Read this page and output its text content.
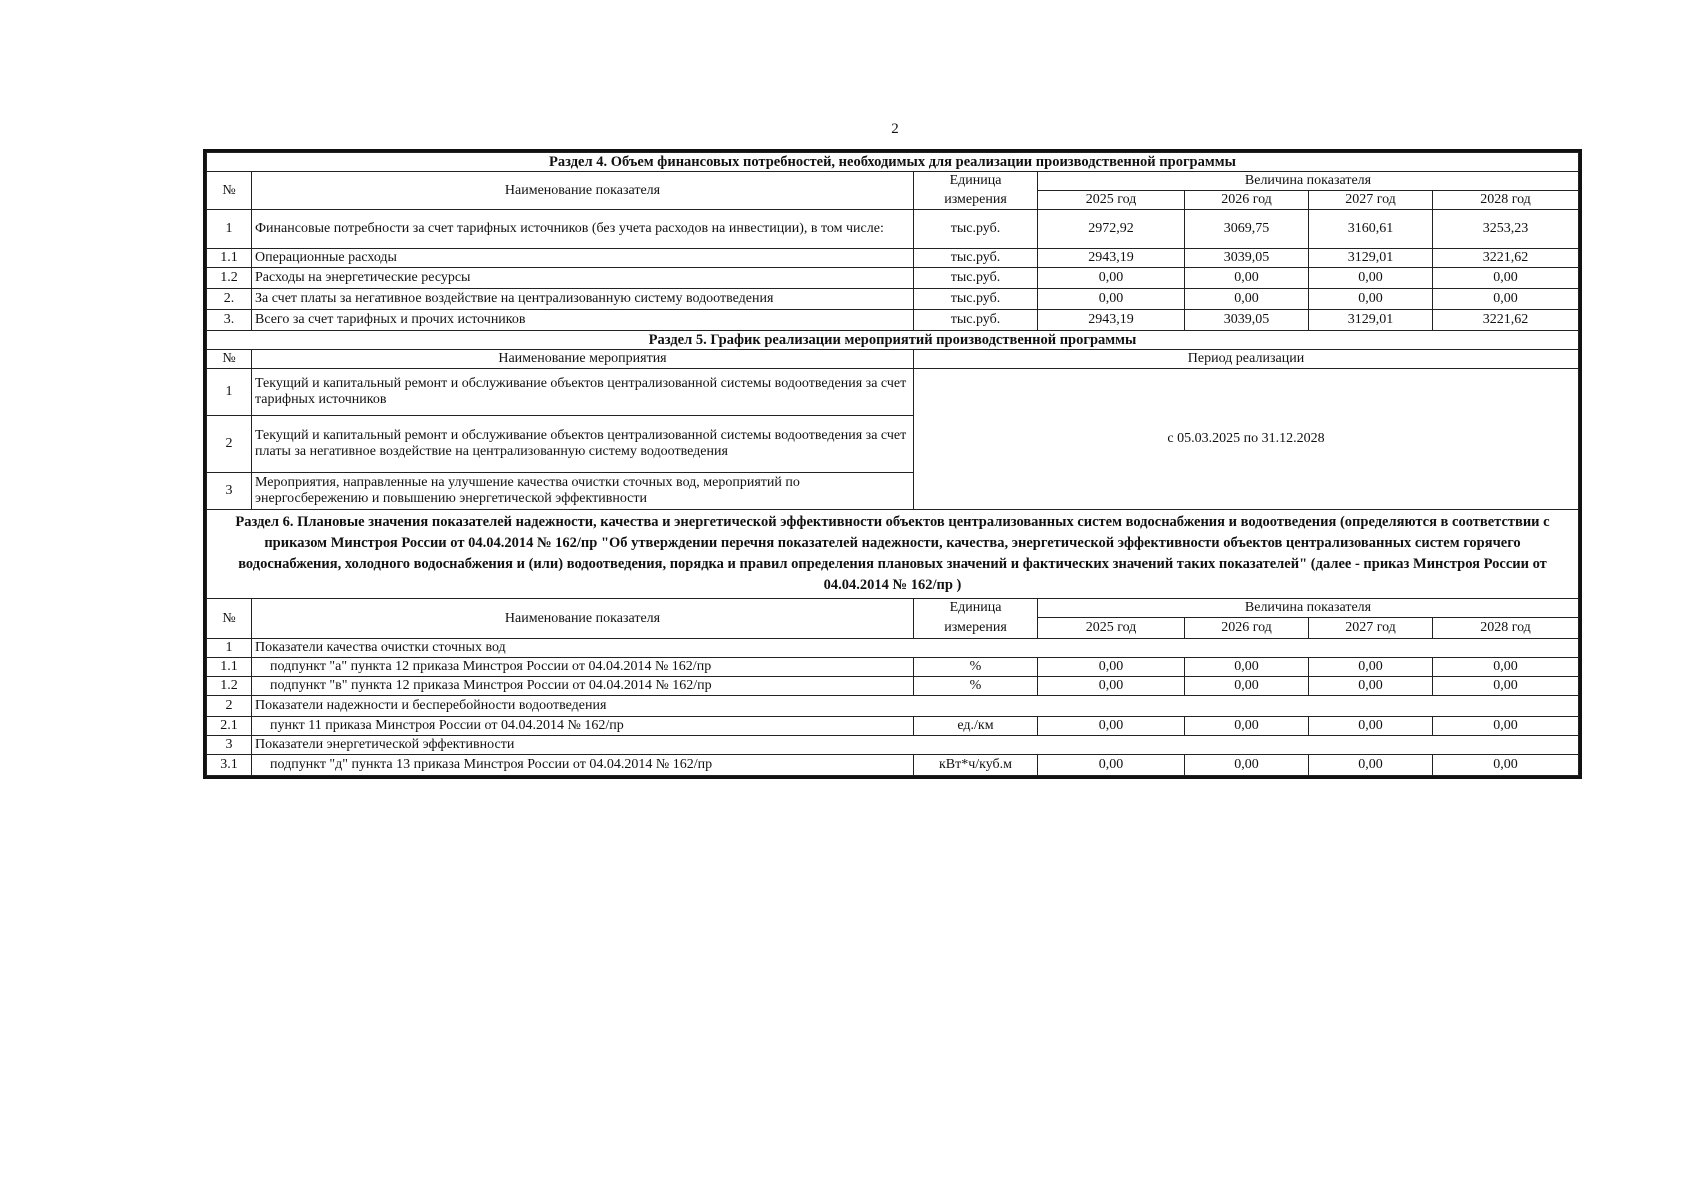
2
Раздел 4. Объем финансовых потребностей, необходимых для реализации производственной программы						
№	Наименование показателя	Единица	Величина показателя			
		измерения	2025 год	2026 год	2027 год	2028 год
1	Финансовые потребности за счет тарифных источников (без учета расходов на инвестиции), в том числе:	тыс.руб.	2972,92	3069,75	3160,61	3253,23
1.1	Операционные расходы	тыс.руб.	2943,19	3039,05	3129,01	3221,62
1.2	Расходы на энергетические ресурсы	тыс.руб.	0,00	0,00	0,00	0,00
2.	За счет платы за негативное воздействие на централизованную систему водоотведения	тыс.руб.	0,00	0,00	0,00	0,00
3.	Всего за счет тарифных и прочих источников	тыс.руб.	2943,19	3039,05	3129,01	3221,62
Раздел 5. График реализации мероприятий производственной программы						
№	Наименование мероприятия	Период реализации				
1	Текущий и капитальный ремонт и обслуживание объектов централизованной системы водоотведения за счет тарифных источников	с 05.03.2025 по 31.12.2028				
2	Текущий и капитальный ремонт и обслуживание объектов централизованной системы водоотведения за счет платы за негативное воздействие на централизованную систему водоотведения					
3	Мероприятия, направленные на улучшение качества очистки сточных вод, мероприятий по энергосбережению и повышению энергетической эффективности					
Раздел 6. Плановые значения показателей надежности, качества и энергетической эффективности объектов централизованных систем водоснабжения и водоотведения (определяются в соответствии с приказом Минстроя России от 04.04.2014 № 162/пр "Об утверждении перечня показателей надежности, качества, энергетической эффективности объектов централизованных систем горячего водоснабжения, холодного водоснабжения и (или) водоотведения, порядка и правил определения плановых значений и фактических значений таких показателей" (далее - приказ Минстроя России от 04.04.2014 № 162/пр )						
№	Наименование показателя	Единица	Величина показателя			
		измерения	2025 год	2026 год	2027 год	2028 год
1	Показатели качества очистки сточных вод					
1.1	подпункт "а" пункта 12 приказа Минстроя России от 04.04.2014 № 162/пр	%	0,00	0,00	0,00	0,00
1.2	подпункт "в" пункта 12 приказа Минстроя России от 04.04.2014 № 162/пр	%	0,00	0,00	0,00	0,00
2	Показатели надежности и бесперебойности водоотведения					
2.1	пункт 11 приказа Минстроя России от 04.04.2014 № 162/пр	ед./км	0,00	0,00	0,00	0,00
3	Показатели энергетической эффективности					
3.1	подпункт "д" пункта 13 приказа Минстроя России от 04.04.2014 № 162/пр	кВт*ч/куб.м	0,00	0,00	0,00	0,00
